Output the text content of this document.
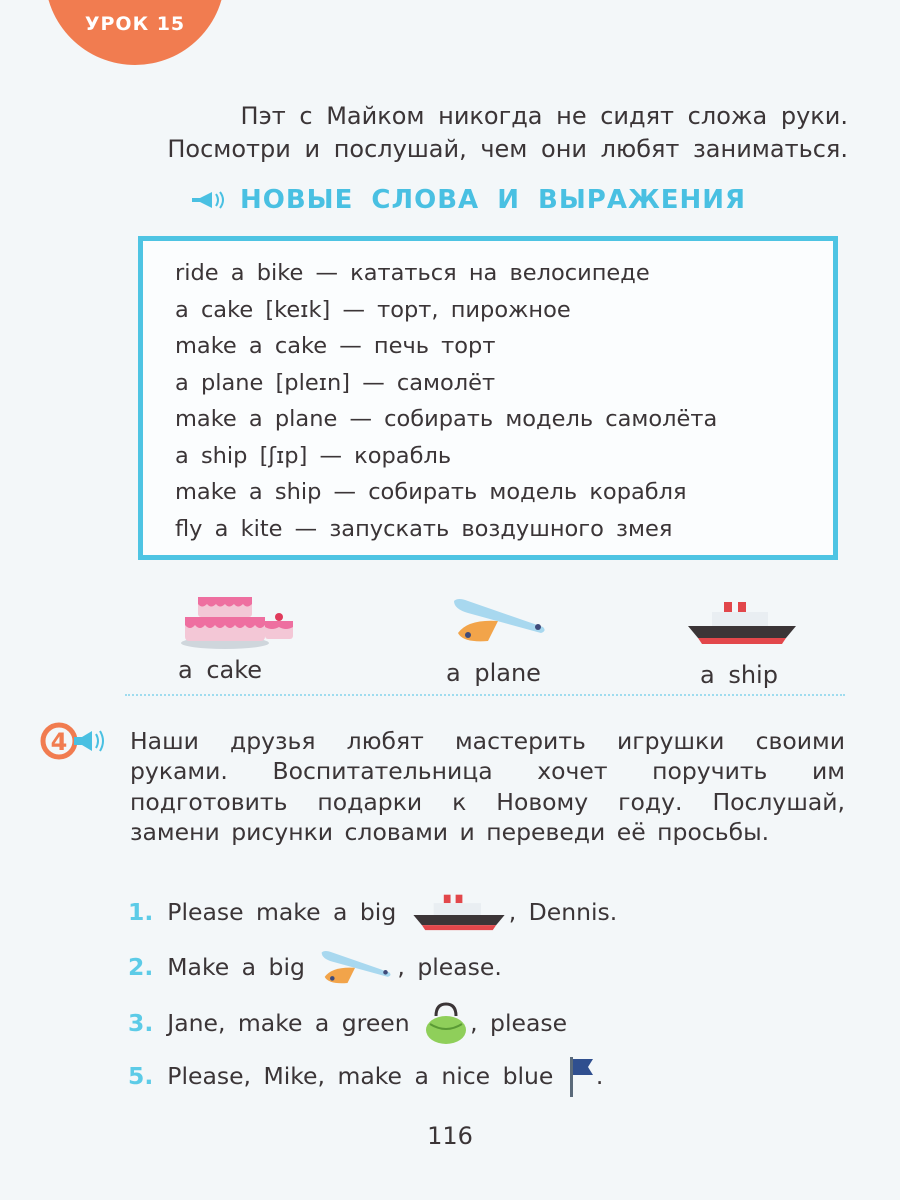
УРОК 15
Пэт с Майком никогда не сидят сложа руки.
Посмотри и послушай, чем они любят заниматься.
НОВЫЕ СЛОВА И ВЫРАЖЕНИЯ
ride a bike — кататься на велосипеде
a cake [keɪk] — торт, пирожное
make a cake — печь торт
a plane [pleɪn] — самолёт
make a plane — собирать модель самолёта
a ship [ʃɪp] — корабль
make a ship — собирать модель корабля
fly a kite — запускать воздушного змея
a cake	a plane	a ship
4	Наши друзья любят мастерить игрушки своими руками. Воспитательница хочет поручить им подготовить подарки к Новому году. Послушай, замени рисунки словами и переведи её просьбы.
1. Please make a big	, Dennis.
2. Make a big	, please.
3. Jane, make a green , please
5. Please, Mike, make a nice blue .
116
